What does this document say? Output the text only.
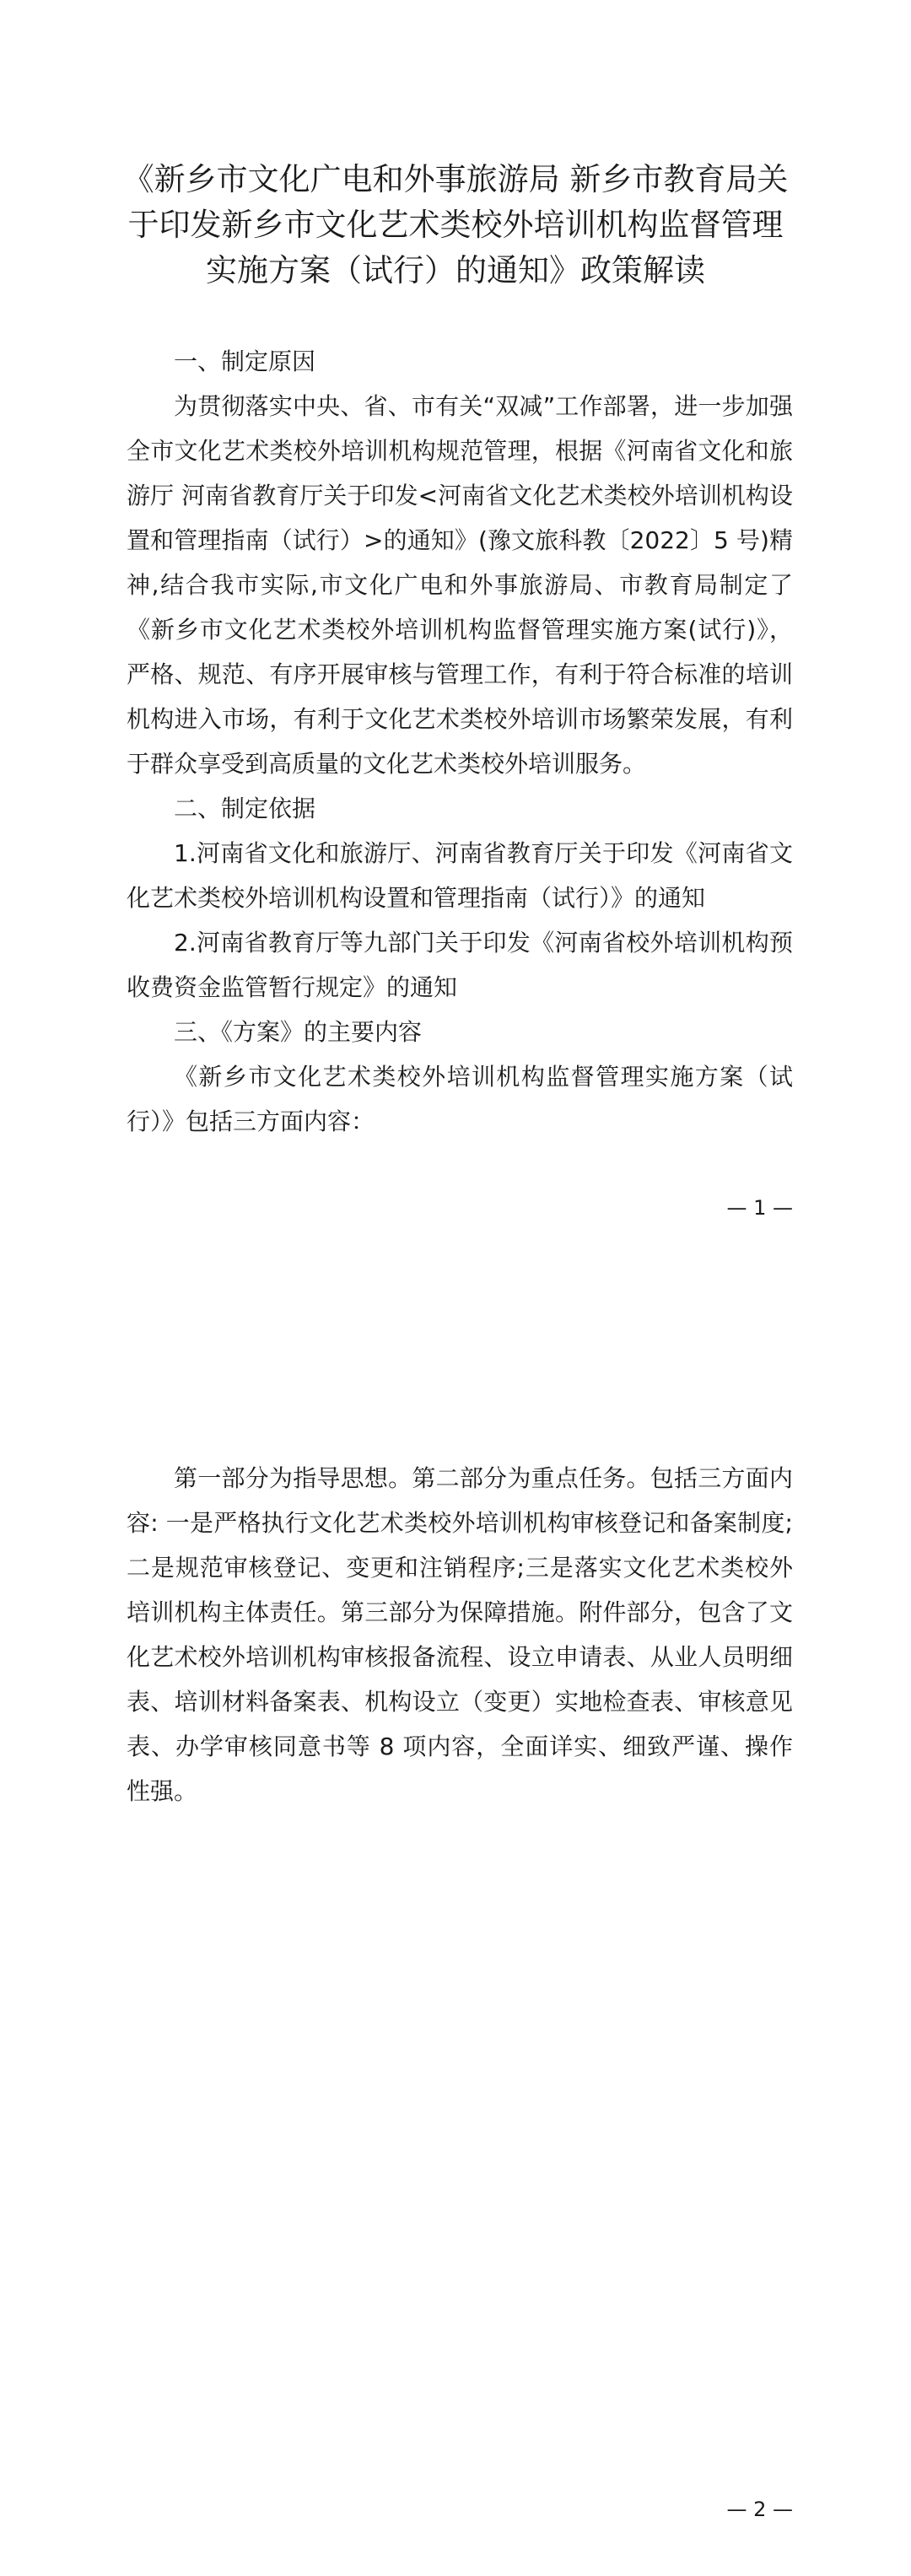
《新乡市文化广电和外事旅游局 新乡市教育局关于印发新乡市文化艺术类校外培训机构监督管理实施方案（试行）的通知》政策解读

一、制定原因

为贯彻落实中央、省、市有关“双减”工作部署，进一步加强全市文化艺术类校外培训机构规范管理，根据《河南省文化和旅游厅 河南省教育厅关于印发<河南省文化艺术类校外培训机构设置和管理指南（试行）>的通知》(豫文旅科教〔2022〕5 号)精神,结合我市实际,市文化广电和外事旅游局、市教育局制定了《新乡市文化艺术类校外培训机构监督管理实施方案(试行)》，严格、规范、有序开展审核与管理工作，有利于符合标准的培训机构进入市场，有利于文化艺术类校外培训市场繁荣发展，有利于群众享受到高质量的文化艺术类校外培训服务。

二、制定依据

1.河南省文化和旅游厅、河南省教育厅关于印发《河南省文化艺术类校外培训机构设置和管理指南（试行）》的通知

2.河南省教育厅等九部门关于印发《河南省校外培训机构预收费资金监管暂行规定》的通知

三、《方案》的主要内容

《新乡市文化艺术类校外培训机构监督管理实施方案（试行）》包括三方面内容：

— 1 —

第一部分为指导思想。第二部分为重点任务。包括三方面内容: 一是严格执行文化艺术类校外培训机构审核登记和备案制度;二是规范审核登记、变更和注销程序;三是落实文化艺术类校外培训机构主体责任。第三部分为保障措施。附件部分，包含了文化艺术校外培训机构审核报备流程、设立申请表、从业人员明细表、培训材料备案表、机构设立（变更）实地检查表、审核意见表、办学审核同意书等 8 项内容，全面详实、细致严谨、操作性强。

— 2 —
